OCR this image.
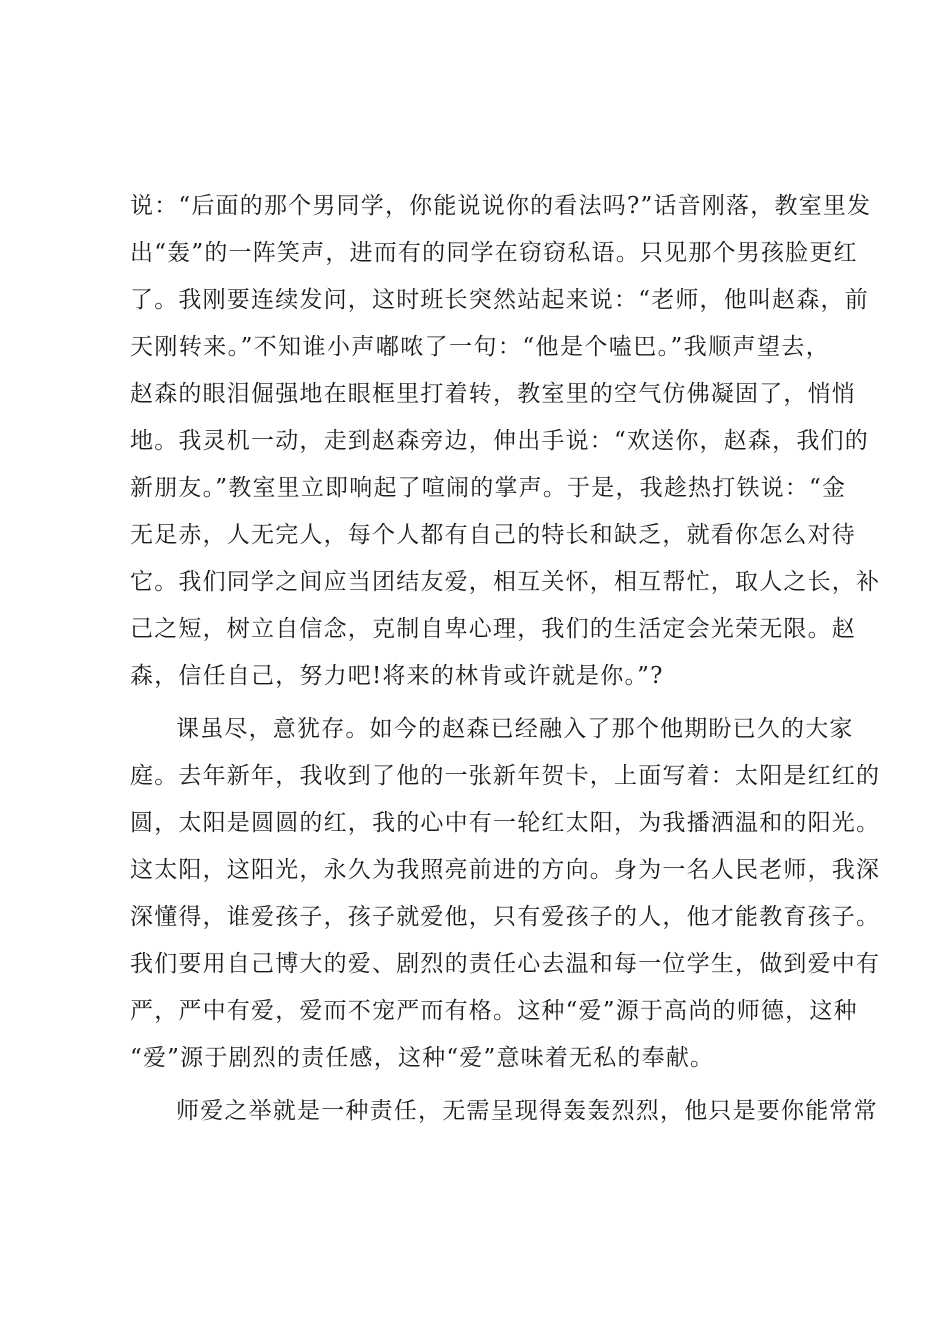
说：“后面的那个男同学，你能说说你的看法吗?”话音刚落，教室里发
出“轰”的一阵笑声，进而有的同学在窃窃私语。只见那个男孩脸更红
了。我刚要连续发问，这时班长突然站起来说：“老师，他叫赵森，前
天刚转来。”不知谁小声嘟哝了一句：“他是个嗑巴。”我顺声望去，
赵森的眼泪倔强地在眼框里打着转，教室里的空气仿佛凝固了，悄悄
地。我灵机一动，走到赵森旁边，伸出手说：“欢送你，赵森，我们的
新朋友。”教室里立即响起了喧闹的掌声。于是，我趁热打铁说：“金
无足赤，人无完人，每个人都有自己的特长和缺乏，就看你怎么对待
它。我们同学之间应当团结友爱，相互关怀，相互帮忙，取人之长，补
己之短，树立自信念，克制自卑心理，我们的生活定会光荣无限。赵
森，信任自己，努力吧!将来的林肯或许就是你。”?
课虽尽，意犹存。如今的赵森已经融入了那个他期盼已久的大家
庭。去年新年，我收到了他的一张新年贺卡，上面写着：太阳是红红的
圆，太阳是圆圆的红，我的心中有一轮红太阳，为我播洒温和的阳光。
这太阳，这阳光，永久为我照亮前进的方向。身为一名人民老师，我深
深懂得，谁爱孩子，孩子就爱他，只有爱孩子的人，他才能教育孩子。
我们要用自己博大的爱、剧烈的责任心去温和每一位学生，做到爱中有
严，严中有爱，爱而不宠严而有格。这种“爱”源于高尚的师德，这种
“爱”源于剧烈的责任感，这种“爱”意味着无私的奉献。
师爱之举就是一种责任，无需呈现得轰轰烈烈，他只是要你能常常
